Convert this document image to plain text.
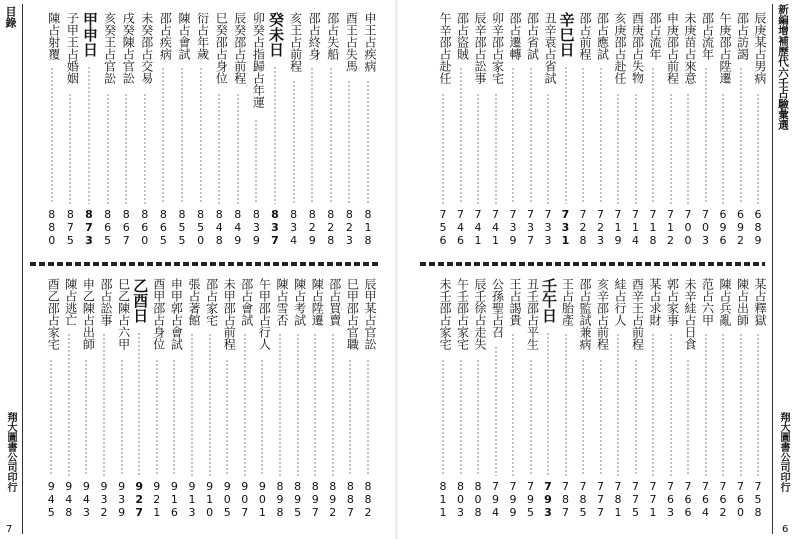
目錄
翔大圖書公司印行
7
申王占疾病
8
1
8
酉王占失馬
8
2
3
邵占失船
8
2
8
邵占終身
8
2
9
亥王占前程
8
3
4
癸未日
8
3
7
卯癸占指歸占年運
8
3
9
辰癸邵占前程
8
4
9
巳癸邵占身位
8
4
8
衍占年歲
8
5
0
陳占會試
8
5
5
邵占疾病
8
6
5
未癸邵占交易
8
6
0
戌癸陳占官訟
8
6
7
亥癸王占官訟
8
6
5
甲申日
8
7
3
子甲王占婚姻
8
7
5
陳占射覆
8
8
0
辰甲某占官訟
8
8
2
巳甲邵占官職
8
8
7
邵占買賣
8
9
2
陳占陞遷
8
9
7
陳占考試
8
9
5
陳占雪否
8
9
8
午甲邵占行人
9
0
1
邵占會試
9
0
7
未甲邵占前程
9
0
5
邵占家宅
9
1
0
張占著館
9
1
3
申甲郭占會試
9
1
6
酉甲邵占身位
9
2
1
乙酉日
9
2
7
巳乙陳占六甲
9
3
9
邵占訟事
9
3
2
申乙陳占出師
9
4
3
陳占逃亡
9
4
8
酉乙邵占家宅
9
4
5
新編增補歷代六壬占驗彙選
翔大圖書公司印行
6
辰庚某占男病
6
8
9
邵占訪謁
6
9
2
午庚邵占陞遷
6
9
6
邵占流年
7
0
3
未庚苗占來意
7
0
0
申庚邵占前程
7
1
2
邵占流年
7
1
8
酉庚邵占失物
7
1
4
亥庚邵占赴任
7
1
9
邵占應試
7
2
3
邵占前程
7
2
8
辛巳日
7
3
1
丑辛袁占省試
7
3
3
邵占省試
7
3
7
邵占遷轉
7
3
9
卯辛邵占家宅
7
4
1
辰辛邵占訟事
7
4
1
邵占盜賊
7
4
6
午辛邵占赴任
7
5
6
某占釋獄
7
5
8
陳占出師
7
6
0
陳占兵亂
7
6
2
范占六甲
7
6
4
未辛絓占日食
7
6
6
郭占家事
7
6
3
某占求財
7
7
1
酉辛王占前程
7
7
5
絓占行人
7
8
1
亥辛邵占前程
7
7
7
邵占監試兼病
7
8
5
王占胎產
7
8
7
壬午日
7
9
3
丑壬邵占平生
7
9
5
王占謁貴
7
9
9
公孫聖占召
7
9
4
辰壬徐占走失
8
0
8
午壬邵占家宅
8
0
3
未壬邵占家宅
8
1
1
